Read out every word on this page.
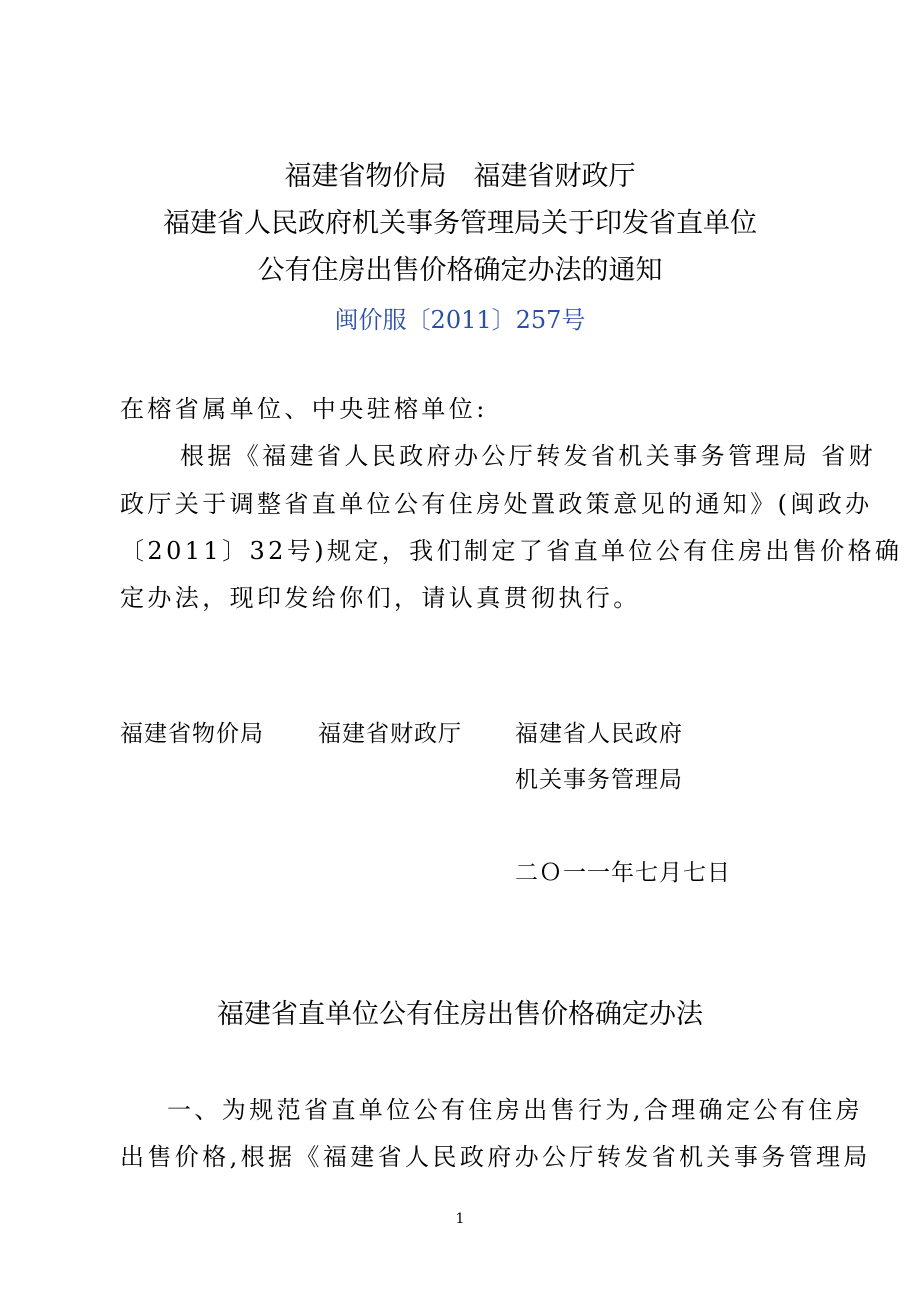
福建省物价局　福建省财政厅
福建省人民政府机关事务管理局关于印发省直单位
公有住房出售价格确定办法的通知
闽价服〔2011〕257号
在榕省属单位、中央驻榕单位:
根据《福建省人民政府办公厅转发省机关事务管理局 省财
政厅关于调整省直单位公有住房处置政策意见的通知》(闽政办
〔2011〕32号)规定，我们制定了省直单位公有住房出售价格确
定办法，现印发给你们，请认真贯彻执行。
福建省物价局 福建省财政厅 福建省人民政府
机关事务管理局
二Ｏ一一年七月七日
福建省直单位公有住房出售价格确定办法
一、为规范省直单位公有住房出售行为,合理确定公有住房
出售价格,根据《福建省人民政府办公厅转发省机关事务管理局
1
